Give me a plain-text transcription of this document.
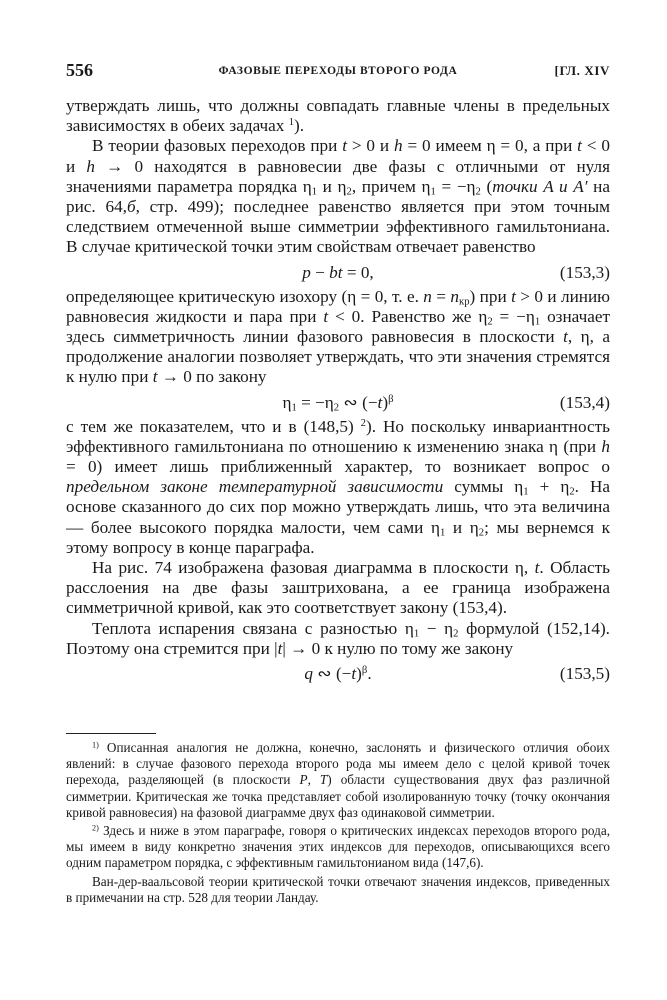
556	ФАЗОВЫЕ ПЕРЕХОДЫ ВТОРОГО РОДА	[ГЛ. XIV

утверждать лишь, что должны совпадать главные члены в предельных зависимостях в обеих задачах $^1$).

В теории фазовых переходов при t > 0 и h = 0 имеем η = 0, а при t < 0 и h → 0 находятся в равновесии две фазы с отличными от нуля значениями параметра порядка $\eta_1$ и $\eta_2$, причем $\eta_1 = -\eta_2$ (точки A и A′ на рис. 64,б, стр. 499); последнее равенство является при этом точным следствием отмеченной выше симметрии эффективного гамильтониана. В случае критической точки этим свойствам отвечает равенство

p − bt = 0,	(153,3)

определяющее критическую изохору (η = 0, т. е. $n = n_{кр}$) при t > 0 и линию равновесия жидкости и пара при t < 0. Равенство же $\eta_2 = -\eta_1$ означает здесь симметричность линии фазового равновесия в плоскости t, η, а продолжение аналогии позволяет утверждать, что эти значения стремятся к нулю при t → 0 по закону

$\eta_1 = -\eta_2$ ∾ $(-t)^\beta$	(153,4)

с тем же показателем, что и в (148,5) $^2$). Но поскольку инвариантность эффективного гамильтониана по отношению к изменению знака η (при h = 0) имеет лишь приближенный характер, то возникает вопрос о предельном законе температурной зависимости суммы $\eta_1 + \eta_2$. На основе сказанного до сих пор можно утверждать лишь, что эта величина — более высокого порядка малости, чем сами $\eta_1$ и $\eta_2$; мы вернемся к этому вопросу в конце параграфа.

На рис. 74 изображена фазовая диаграмма в плоскости η, t. Область расслоения на две фазы заштрихована, а ее граница изображена симметричной кривой, как это соответствует закону (153,4).

Теплота испарения связана с разностью $\eta_1 - \eta_2$ формулой (152,14). Поэтому она стремится при |t| → 0 к нулю по тому же закону

q ∾ $(-t)^\beta$.	(153,5)

$^{1)}$ Описанная аналогия не должна, конечно, заслонять и физического отличия обоих явлений: в случае фазового перехода второго рода мы имеем дело с целой кривой точек перехода, разделяющей (в плоскости P, T) области существования двух фаз различной симметрии. Критическая же точка представляет собой изолированную точку (точку окончания кривой равновесия) на фазовой диаграмме двух фаз одинаковой симметрии.

$^{2)}$ Здесь и ниже в этом параграфе, говоря о критических индексах переходов второго рода, мы имеем в виду конкретно значения этих индексов для переходов, описывающихся всего одним параметром порядка, с эффективным гамильтонианом вида (147,6).

Ван-дер-ваальсовой теории критической точки отвечают значения индексов, приведенных в примечании на стр. 528 для теории Ландау.
